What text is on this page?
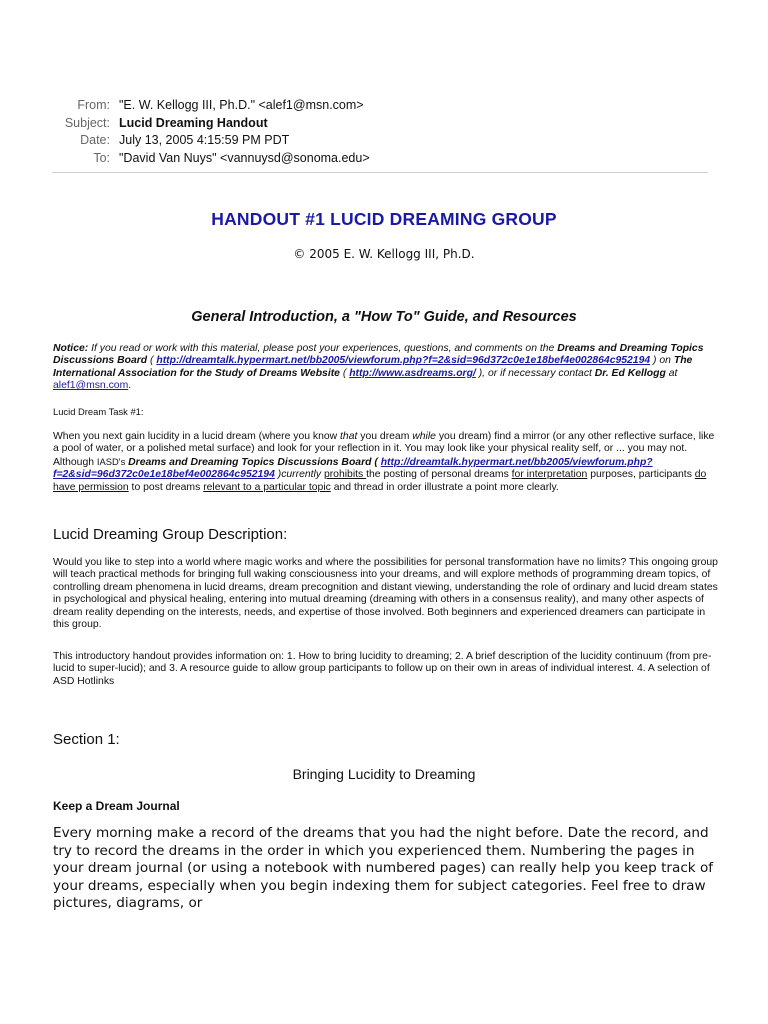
From: "E. W. Kellogg III, Ph.D." <alef1@msn.com>
Subject: Lucid Dreaming Handout
Date: July 13, 2005 4:15:59 PM PDT
To: "David Van Nuys" <vannuysd@sonoma.edu>
HANDOUT #1 LUCID DREAMING GROUP
© 2005 E. W. Kellogg III, Ph.D.
General Introduction, a "How To" Guide, and Resources
Notice: If you read or work with this material, please post your experiences, questions, and comments on the Dreams and Dreaming Topics Discussions Board ( http://dreamtalk.hypermart.net/bb2005/viewforum.php?f=2&sid=96d372c0e1e18bef4e002864c952194 ) on The International Association for the Study of Dreams Website ( http://www.asdreams.org/ ), or if necessary contact Dr. Ed Kellogg at alef1@msn.com.
Lucid Dream Task #1:
When you next gain lucidity in a lucid dream (where you know that you dream while you dream) find a mirror (or any other reflective surface, like a pool of water, or a polished metal surface) and look for your reflection in it. You may look like your physical reality self, or ... you may not. Although IASD's Dreams and Dreaming Topics Discussions Board ( http://dreamtalk.hypermart.net/bb2005/viewforum.php?f=2&sid=96d372c0e1e18bef4e002864c952194 )currently prohibits the posting of personal dreams for interpretation purposes, participants do have permission to post dreams relevant to a particular topic and thread in order illustrate a point more clearly.
Lucid Dreaming Group Description:
Would you like to step into a world where magic works and where the possibilities for personal transformation have no limits? This ongoing group will teach practical methods for bringing full waking consciousness into your dreams, and will explore methods of programming dream topics, of controlling dream phenomena in lucid dreams, dream precognition and distant viewing, understanding the role of ordinary and lucid dream states in psychological and physical healing, entering into mutual dreaming (dreaming with others in a consensus reality), and many other aspects of dream reality depending on the interests, needs, and expertise of those involved. Both beginners and experienced dreamers can participate in this group.
This introductory handout provides information on: 1. How to bring lucidity to dreaming; 2. A brief description of the lucidity continuum (from pre-lucid to super-lucid); and 3. A resource guide to allow group participants to follow up on their own in areas of individual interest. 4. A selection of ASD Hotlinks
Section 1:
Bringing Lucidity to Dreaming
Keep a Dream Journal
Every morning make a record of the dreams that you had the night before. Date the record, and try to record the dreams in the order in which you experienced them. Numbering the pages in your dream journal (or using a notebook with numbered pages) can really help you keep track of your dreams, especially when you begin indexing them for subject categories. Feel free to draw pictures, diagrams, or
